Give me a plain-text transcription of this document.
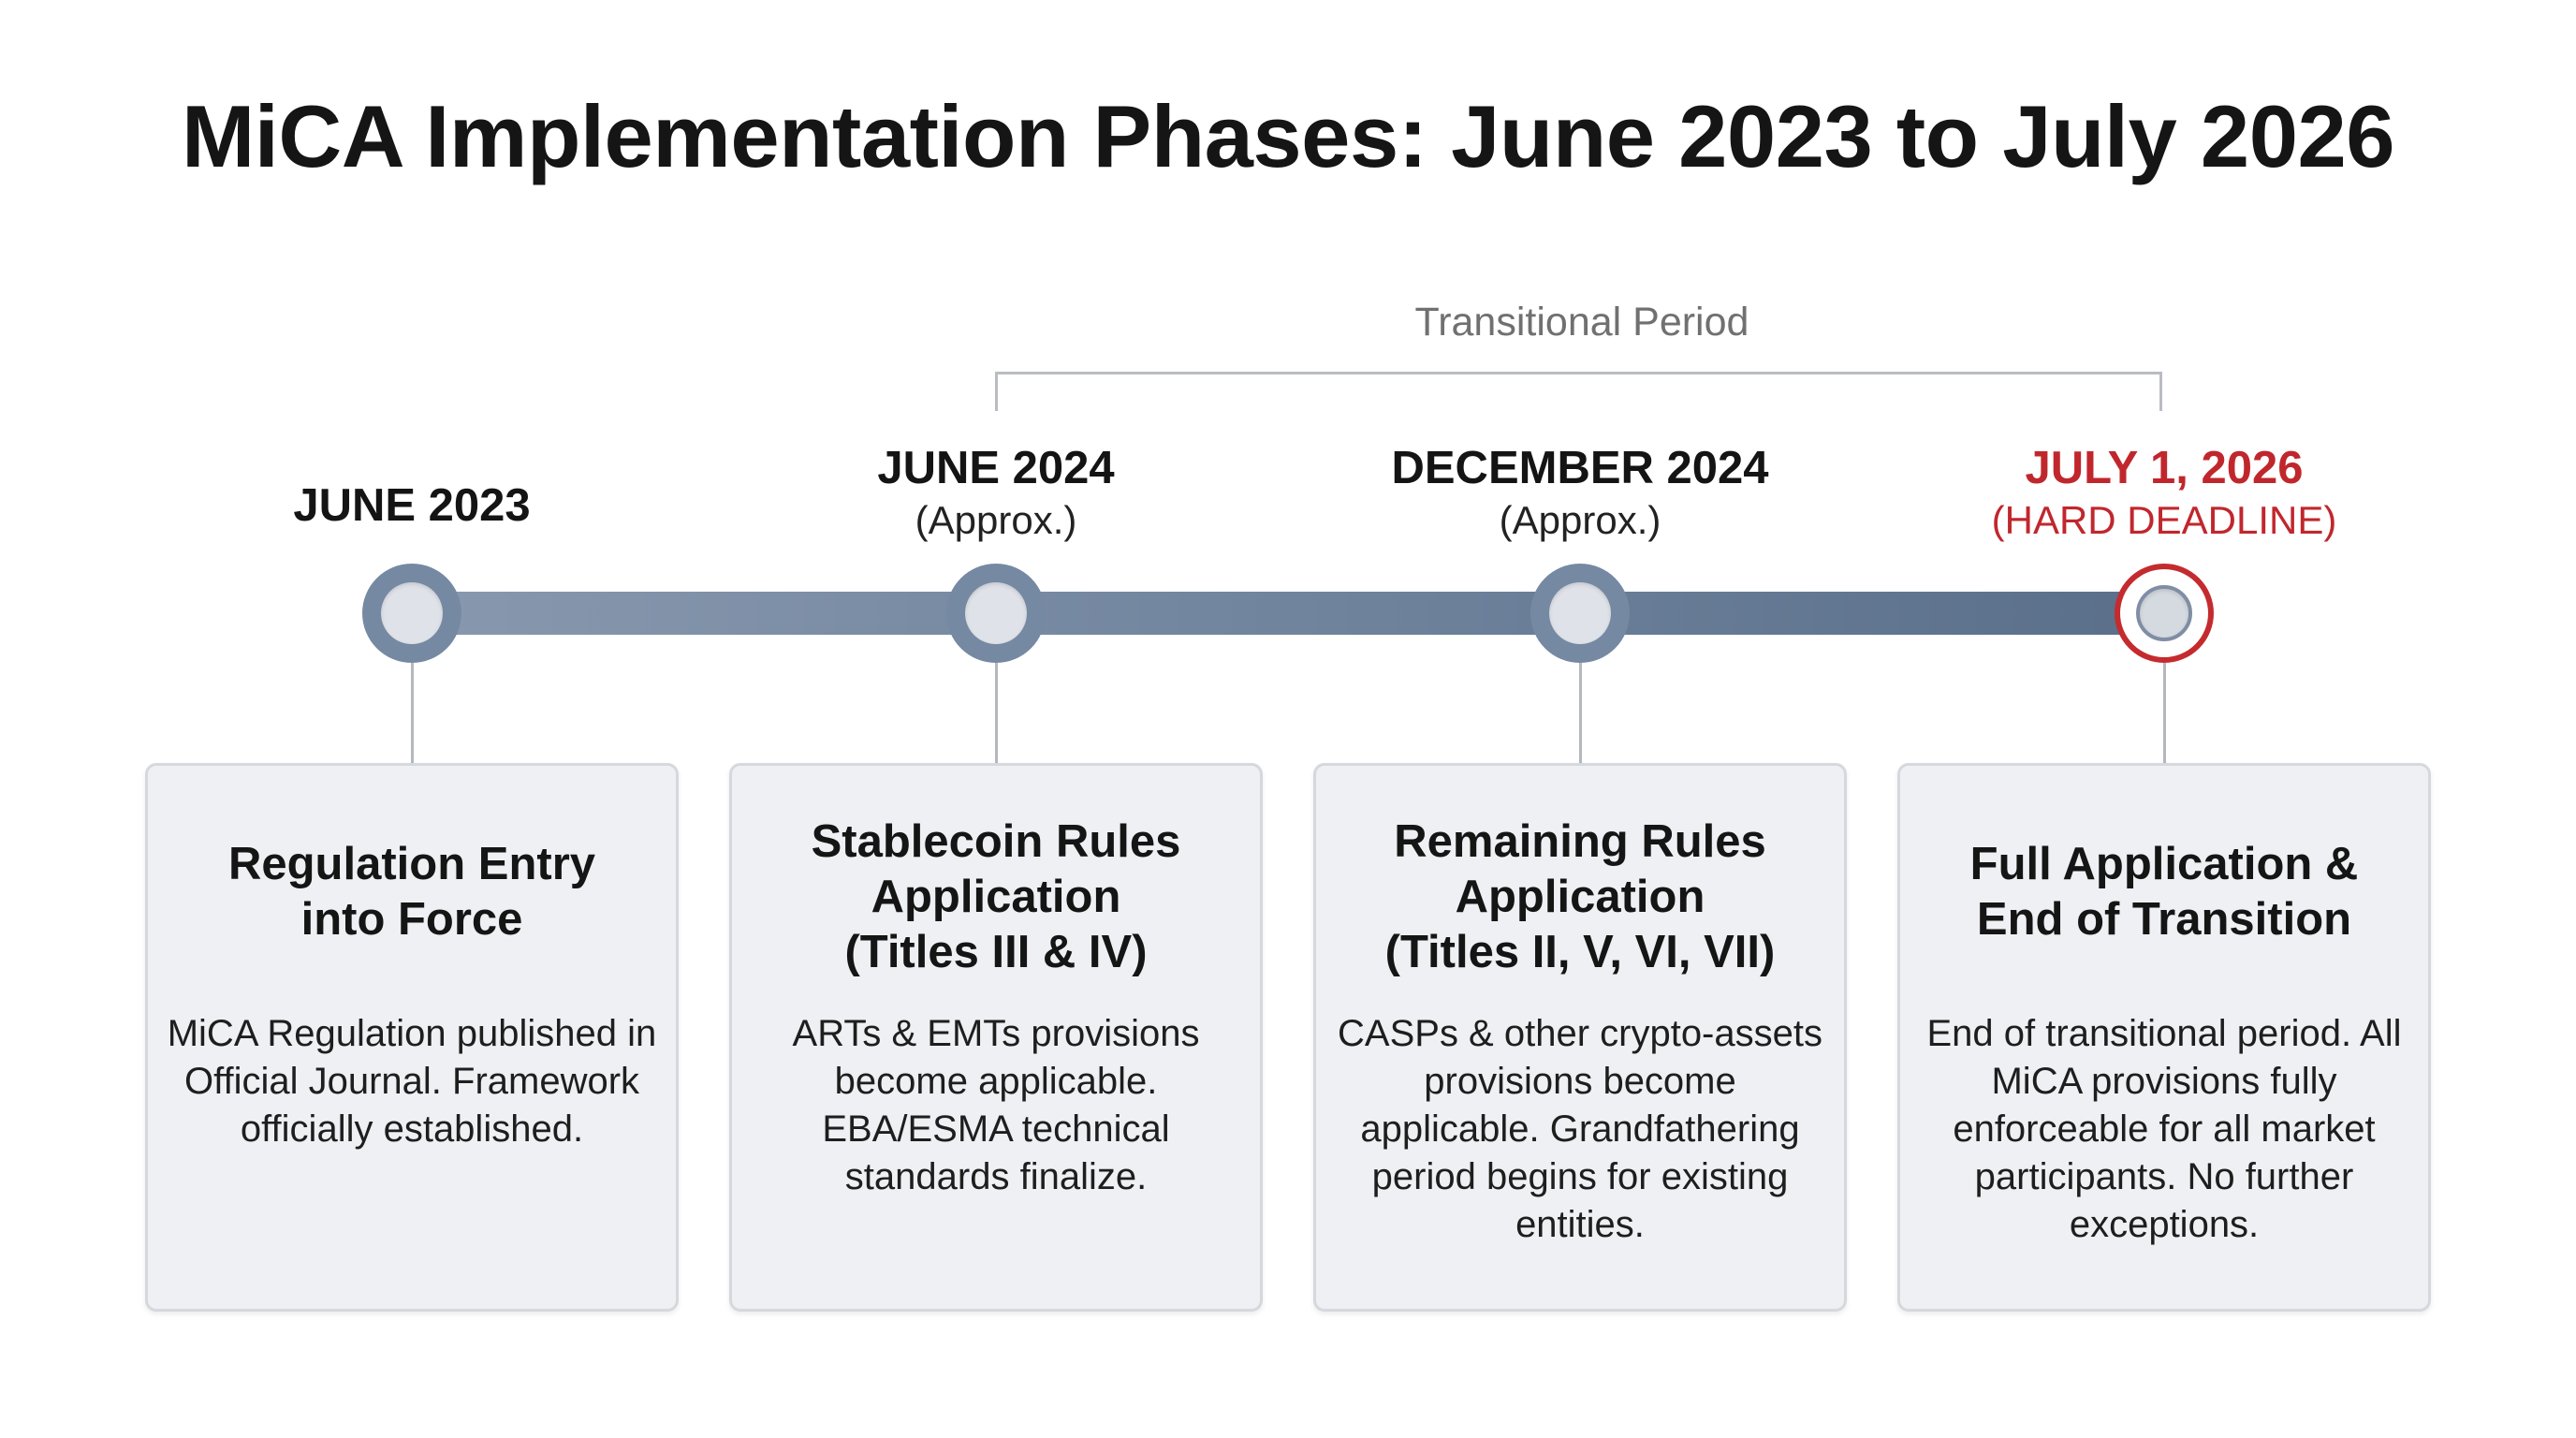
MiCA Implementation Phases: June 2023 to July 2026
Transitional Period
JUNE 2023
Regulation Entry
into Force
MiCA Regulation published in Official Journal. Framework officially established.
JUNE 2024
(Approx.)
Stablecoin Rules
Application
(Titles III & IV)
ARTs & EMTs provisions become applicable. EBA/ESMA technical standards finalize.
DECEMBER 2024
(Approx.)
Remaining Rules
Application
(Titles II, V, VI, VII)
CASPs & other crypto-assets provisions become applicable. Grandfathering period begins for existing entities.
JULY 1, 2026
(HARD DEADLINE)
Full Application &
End of Transition
End of transitional period. All MiCA provisions fully enforceable for all market participants. No further exceptions.
